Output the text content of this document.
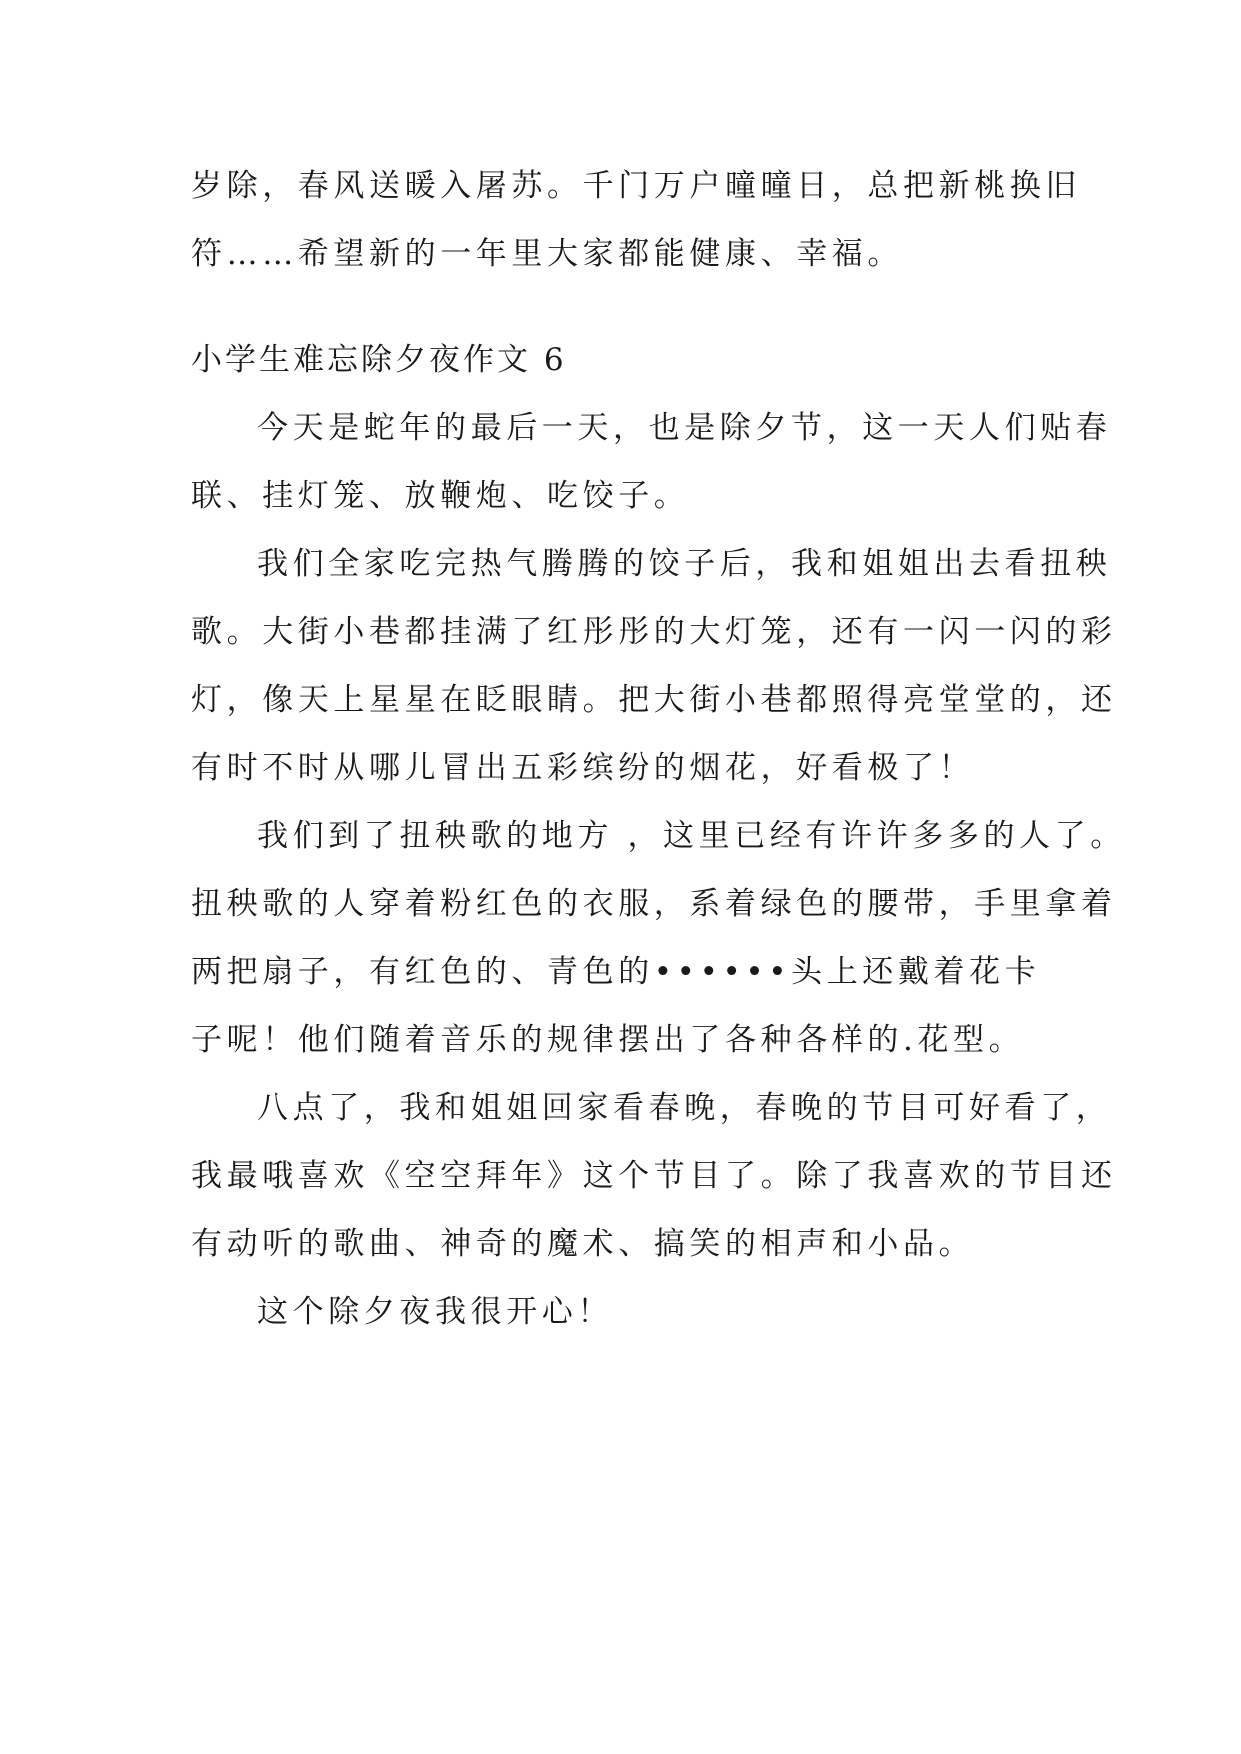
岁除，春风送暖入屠苏。千门万户曈曈日，总把新桃换旧
符……希望新的一年里大家都能健康、幸福。
小学生难忘除夕夜作文 6
今天是蛇年的最后一天，也是除夕节，这一天人们贴春
联、挂灯笼、放鞭炮、吃饺子。
我们全家吃完热气腾腾的饺子后，我和姐姐出去看扭秧
歌。大街小巷都挂满了红彤彤的大灯笼，还有一闪一闪的彩
灯，像天上星星在眨眼睛。把大街小巷都照得亮堂堂的，还
有时不时从哪儿冒出五彩缤纷的烟花，好看极了！
我们到了扭秧歌的地方 ，这里已经有许许多多的人了。
扭秧歌的人穿着粉红色的衣服，系着绿色的腰带，手里拿着
两把扇子，有红色的、青色的••••••头上还戴着花卡
子呢！他们随着音乐的规律摆出了各种各样的.花型。
八点了，我和姐姐回家看春晚，春晚的节目可好看了，
我最哦喜欢《空空拜年》这个节目了。除了我喜欢的节目还
有动听的歌曲、神奇的魔术、搞笑的相声和小品。
这个除夕夜我很开心！
